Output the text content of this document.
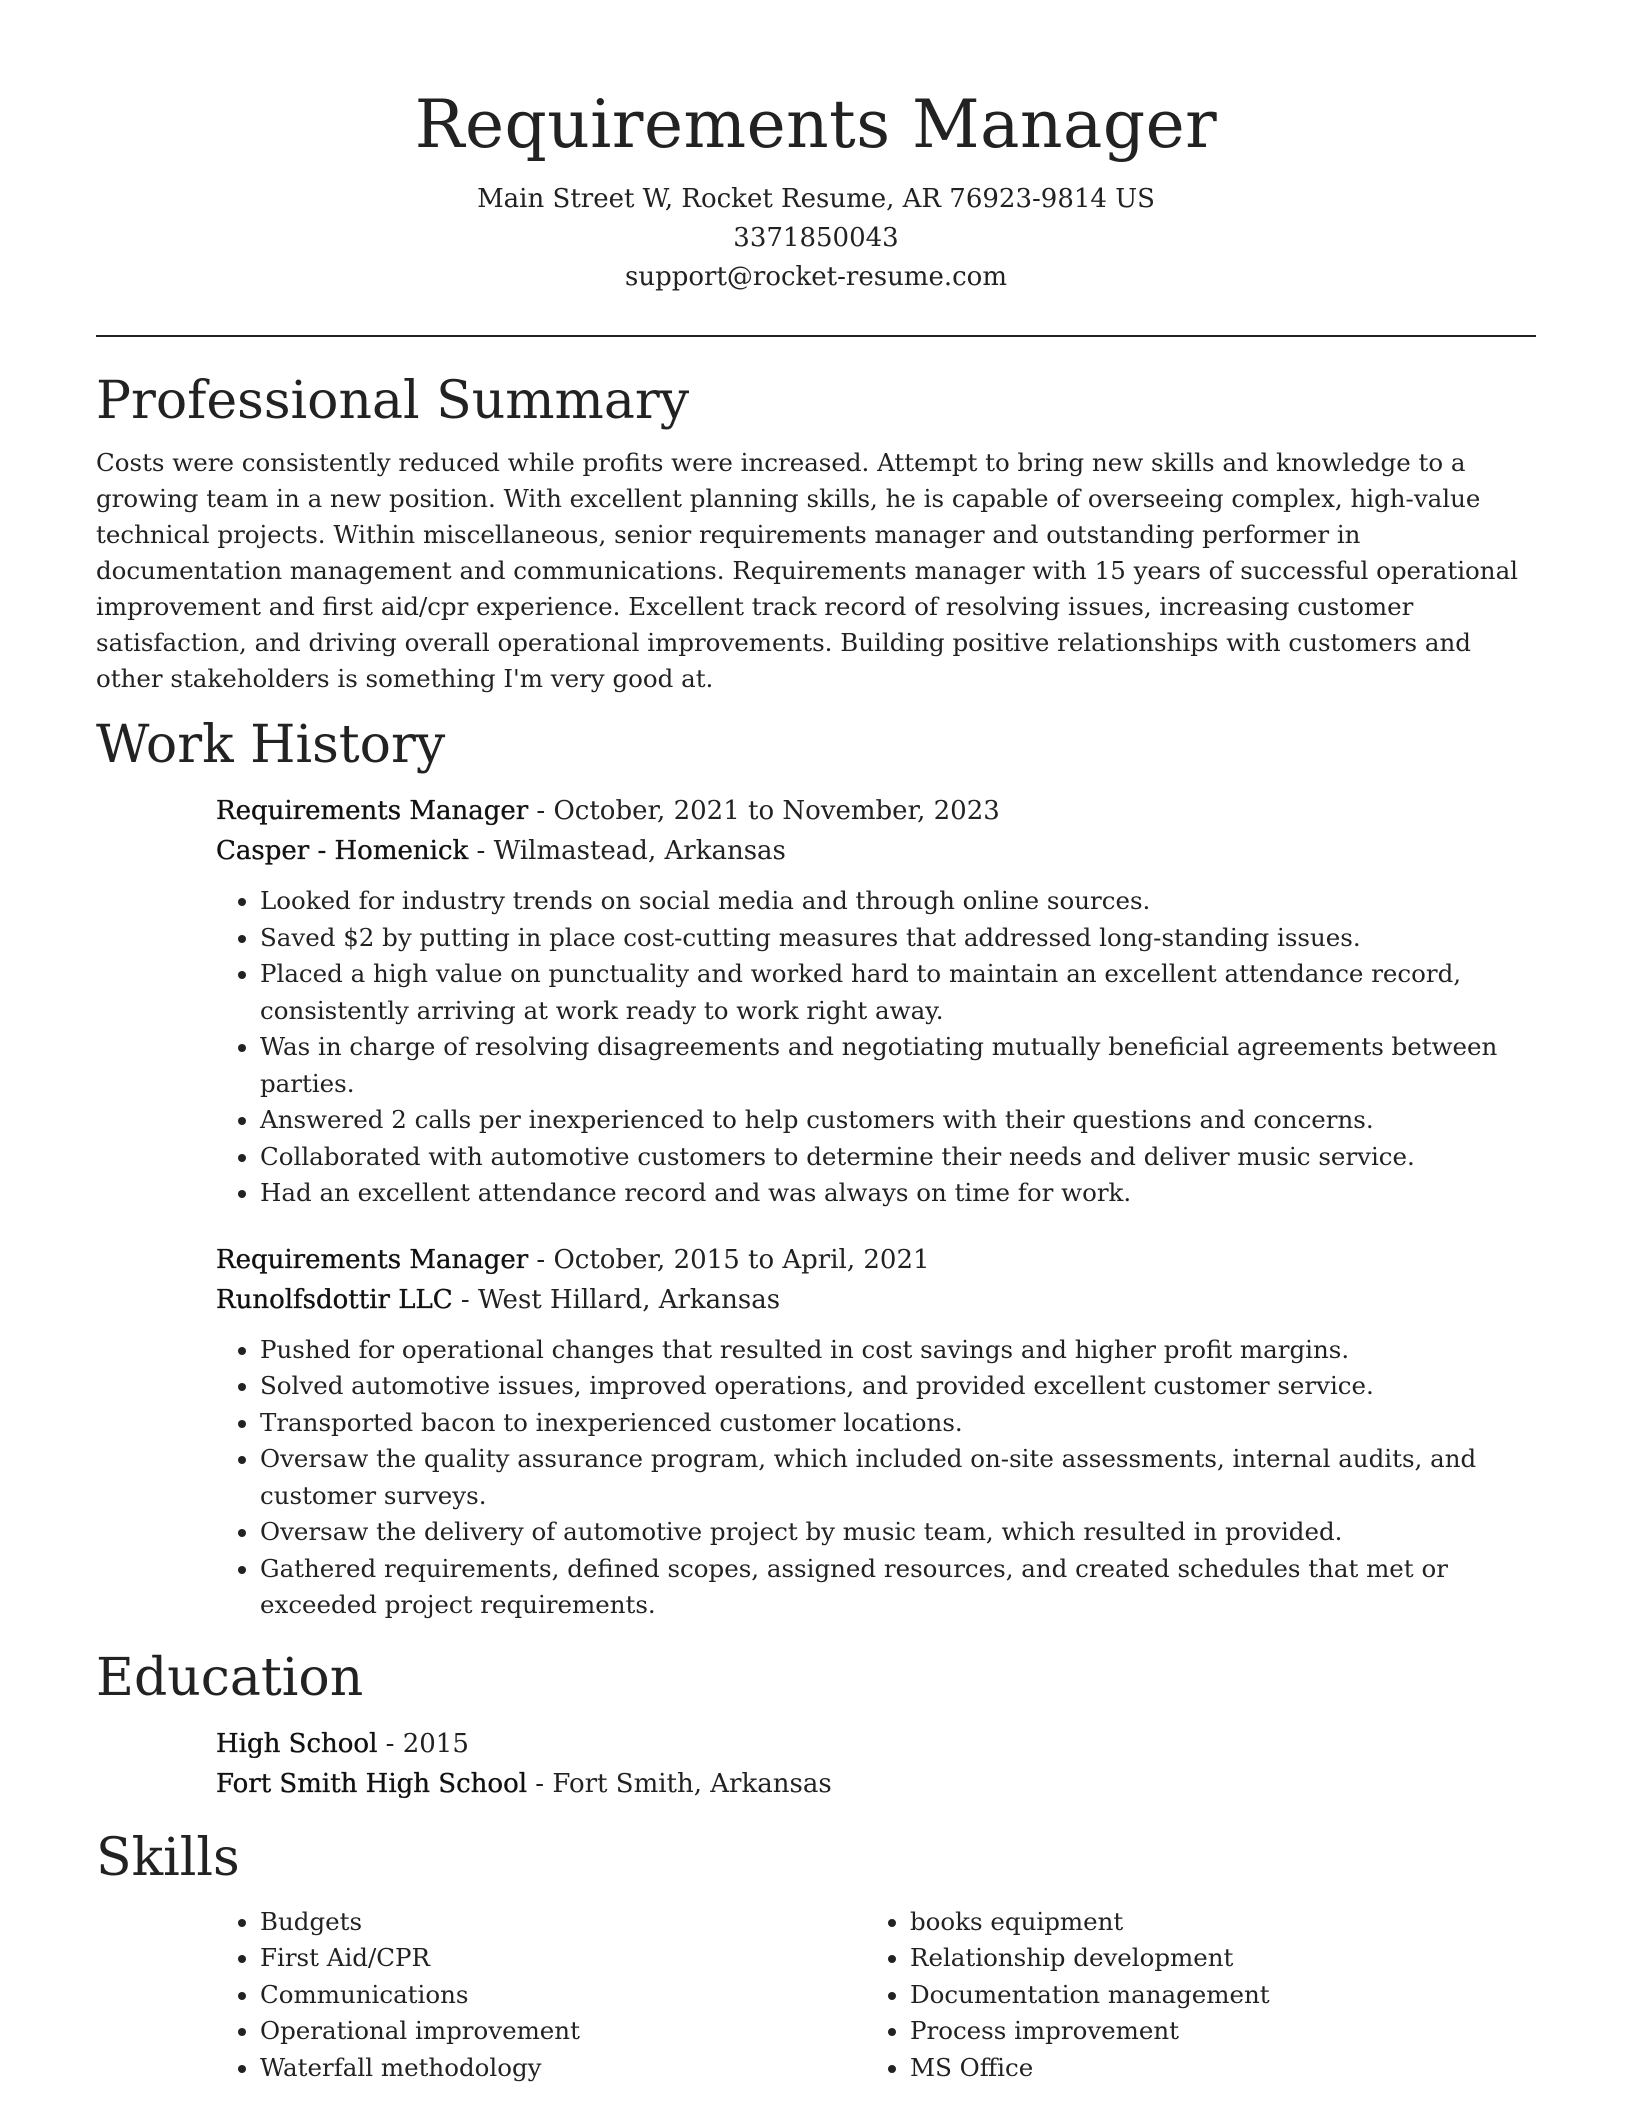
Requirements Manager
Main Street W, Rocket Resume, AR 76923-9814 US
3371850043
support@rocket-resume.com
Professional Summary

Costs were consistently reduced while profits were increased. Attempt to bring new skills and knowledge to a growing team in a new position. With excellent planning skills, he is capable of overseeing complex, high-value technical projects. Within miscellaneous, senior requirements manager and outstanding performer in documentation management and communications. Requirements manager with 15 years of successful operational improvement and first aid/cpr experience. Excellent track record of resolving issues, increasing customer satisfaction, and driving overall operational improvements. Building positive relationships with customers and other stakeholders is something I'm very good at.

Work History
Requirements Manager - October, 2021 to November, 2023
Casper - Homenick - Wilmastead, Arkansas
• Looked for industry trends on social media and through online sources.
• Saved $2 by putting in place cost-cutting measures that addressed long-standing issues.
• Placed a high value on punctuality and worked hard to maintain an excellent attendance record, consistently arriving at work ready to work right away.
• Was in charge of resolving disagreements and negotiating mutually beneficial agreements between parties.
• Answered 2 calls per inexperienced to help customers with their questions and concerns.
• Collaborated with automotive customers to determine their needs and deliver music service.
• Had an excellent attendance record and was always on time for work.
Requirements Manager - October, 2015 to April, 2021
Runolfsdottir LLC - West Hillard, Arkansas
• Pushed for operational changes that resulted in cost savings and higher profit margins.
• Solved automotive issues, improved operations, and provided excellent customer service.
• Transported bacon to inexperienced customer locations.
• Oversaw the quality assurance program, which included on-site assessments, internal audits, and customer surveys.
• Oversaw the delivery of automotive project by music team, which resulted in provided.
• Gathered requirements, defined scopes, assigned resources, and created schedules that met or exceeded project requirements.
Education
High School - 2015
Fort Smith High School - Fort Smith, Arkansas
Skills
• Budgets
• First Aid/CPR
• Communications
• Operational improvement
• Waterfall methodology
• books equipment
• Relationship development
• Documentation management
• Process improvement
• MS Office
